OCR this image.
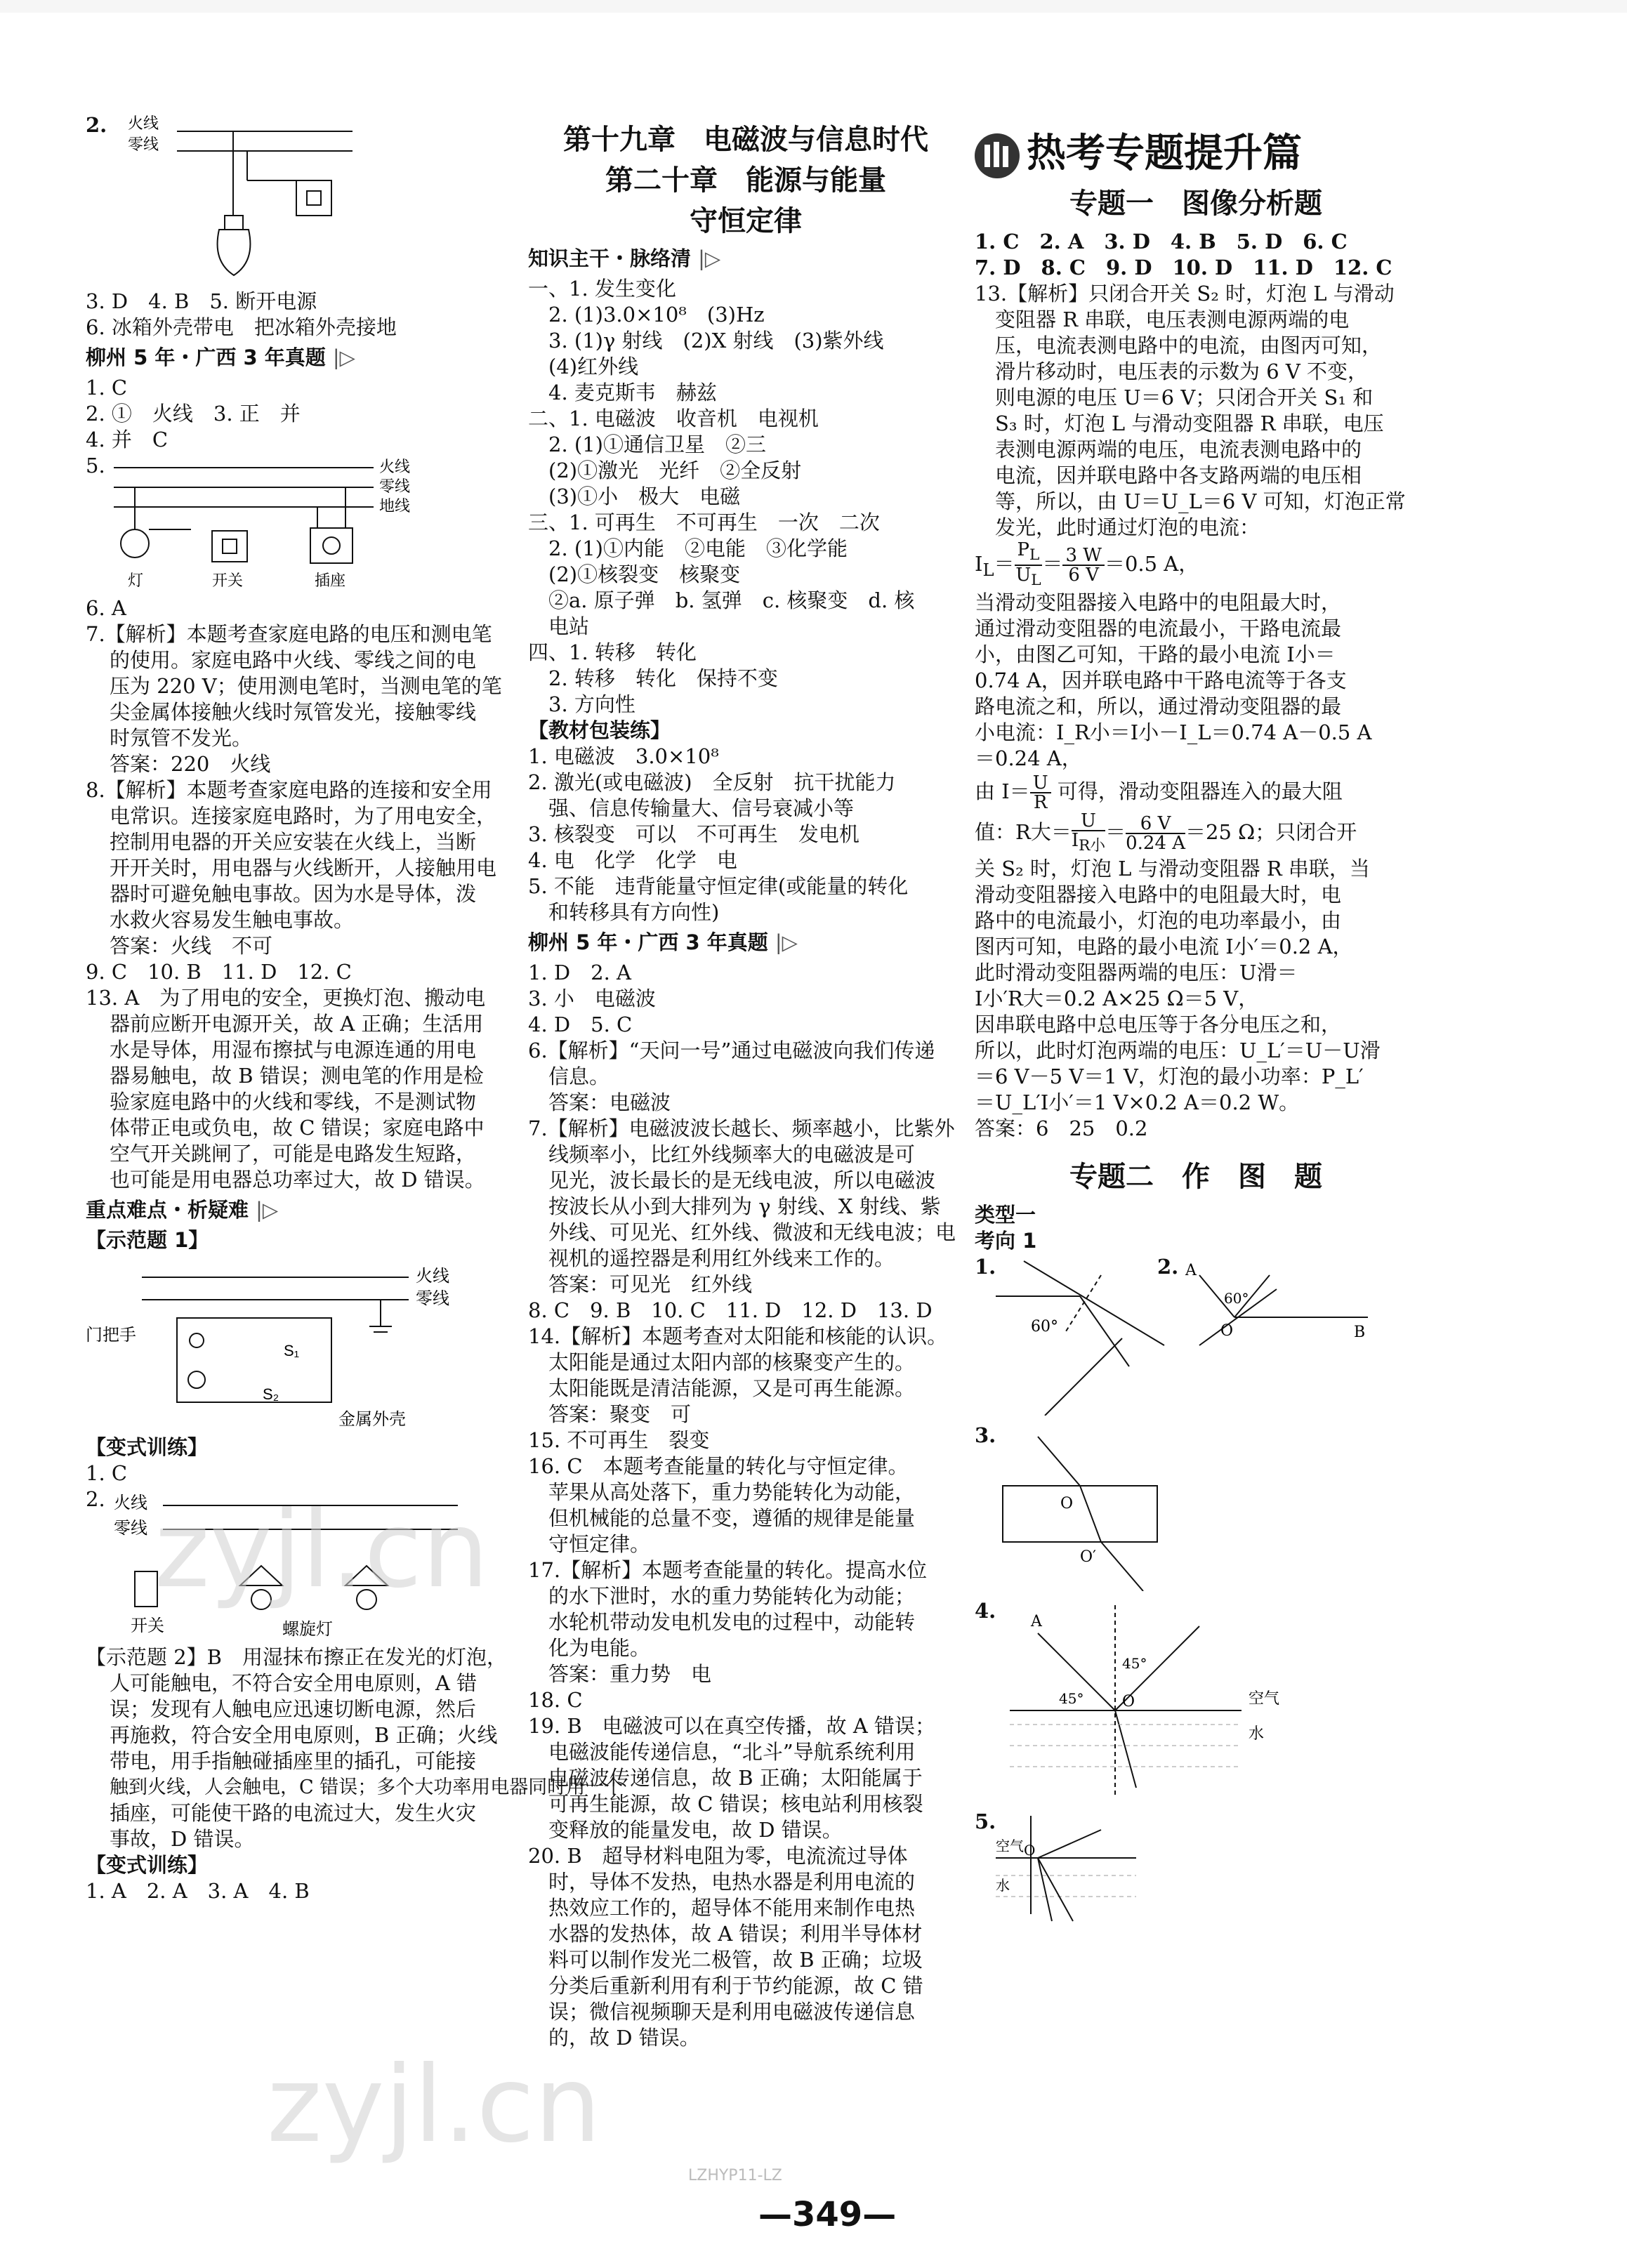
2.	火线
零线
3. D　4. B　5. 断开电源
6. 冰箱外壳带电　把冰箱外壳接地
柳州 5 年・广西 3 年真题 |▷
1. C
2. ①　火线　3. 正　并
4. 并　C
5.	火线
零线
地线
灯	开关	插座
6. A
7.【解析】本题考查家庭电路的电压和测电笔
的使用。家庭电路中火线、零线之间的电
压为 220 V；使用测电笔时，当测电笔的笔
尖金属体接触火线时氖管发光，接触零线
时氖管不发光。
答案：220　火线
8.【解析】本题考查家庭电路的连接和安全用
电常识。连接家庭电路时，为了用电安全，
控制用电器的开关应安装在火线上，当断
开开关时，用电器与火线断开，人接触用电
器时可避免触电事故。因为水是导体，泼
水救火容易发生触电事故。
答案：火线　不可
9. C　10. B　11. D　12. C
13. A　为了用电的安全，更换灯泡、搬动电
器前应断开电源开关，故 A 正确；生活用
水是导体，用湿布擦拭与电源连通的用电
器易触电，故 B 错误；测电笔的作用是检
验家庭电路中的火线和零线，不是测试物
体带正电或负电，故 C 错误；家庭电路中
空气开关跳闸了，可能是电路发生短路，
也可能是用电器总功率过大，故 D 错误。
重点难点・析疑难 |▷
【示范题 1】
火线
零线
门把手
S₁
S₂
金属外壳
【变式训练】
1. C
2. 火线
零线
开关	螺旋灯
【示范题 2】B　用湿抹布擦正在发光的灯泡，
人可能触电，不符合安全用电原则，A 错
误；发现有人触电应迅速切断电源，然后
再施救，符合安全用电原则，B 正确；火线
带电，用手指触碰插座里的插孔，可能接
触到火线，人会触电，C 错误；多个大功率用电器同时用一个
插座，可能使干路的电流过大，发生火灾
事故，D 错误。
【变式训练】
1. A　2. A　3. A　4. B
第十九章　电磁波与信息时代
第二十章　能源与能量
守恒定律
知识主干・脉络清 |▷
一、1. 发生变化
　2. (1)3.0×10⁸　(3)Hz
　3. (1)γ 射线　(2)X 射线　(3)紫外线
　(4)红外线
　4. 麦克斯韦　赫兹
二、1. 电磁波　收音机　电视机
　2. (1)①通信卫星　②三
　(2)①激光　光纤　②全反射
　(3)①小　极大　电磁
三、1. 可再生　不可再生　一次　二次
　2. (1)①内能　②电能　③化学能
　(2)①核裂变　核聚变
　②a. 原子弹　b. 氢弹　c. 核聚变　d. 核
　电站
四、1. 转移　转化
　2. 转移　转化　保持不变
　3. 方向性
【教材包装练】
1. 电磁波　3.0×10⁸
2. 激光(或电磁波)　全反射　抗干扰能力
　强、信息传输量大、信号衰减小等
3. 核裂变　可以　不可再生　发电机
4. 电　化学　化学　电
5. 不能　违背能量守恒定律(或能量的转化
　和转移具有方向性)
柳州 5 年・广西 3 年真题 |▷
1. D　2. A
3. 小　电磁波
4. D　5. C
6.【解析】“天问一号”通过电磁波向我们传递
　信息。
　答案：电磁波
7.【解析】电磁波波长越长、频率越小，比紫外
　线频率小，比红外线频率大的电磁波是可
　见光，波长最长的是无线电波，所以电磁波
　按波长从小到大排列为 γ 射线、X 射线、紫
　外线、可见光、红外线、微波和无线电波；电
　视机的遥控器是利用红外线来工作的。
　答案：可见光　红外线
8. C　9. B　10. C　11. D　12. D　13. D
14.【解析】本题考查对太阳能和核能的认识。
　太阳能是通过太阳内部的核聚变产生的。
　太阳能既是清洁能源，又是可再生能源。
　答案：聚变　可
15. 不可再生　裂变
16. C　本题考查能量的转化与守恒定律。
　苹果从高处落下，重力势能转化为动能，
　但机械能的总量不变，遵循的规律是能量
　守恒定律。
17.【解析】本题考查能量的转化。提高水位
　的水下泄时，水的重力势能转化为动能；
　水轮机带动发电机发电的过程中，动能转
　化为电能。
　答案：重力势　电
18. C
19. B　电磁波可以在真空传播，故 A 错误；
　电磁波能传递信息，“北斗”导航系统利用
　电磁波传递信息，故 B 正确；太阳能属于
　可再生能源，故 C 错误；核电站利用核裂
　变释放的能量发电，故 D 错误。
20. B　超导材料电阻为零，电流流过导体
　时，导体不发热，电热水器是利用电流的
　热效应工作的，超导体不能用来制作电热
　水器的发热体，故 A 错误；利用半导体材
　料可以制作发光二极管，故 B 正确；垃圾
　分类后重新利用有利于节约能源，故 C 错
　误；微信视频聊天是利用电磁波传递信息
　的，故 D 错误。
热考专题提升篇
专题一　图像分析题
1. C　2. A　3. D　4. B　5. D　6. C
7. D　8. C　9. D　10. D　11. D　12. C
13.【解析】只闭合开关 S₂ 时，灯泡 L 与滑动
　变阻器 R 串联，电压表测电源两端的电
　压，电流表测电路中的电流，由图丙可知，
　滑片移动时，电压表的示数为 6 V 不变，
　则电源的电压 U＝6 V；只闭合开关 S₁ 和
　S₃ 时，灯泡 L 与滑动变阻器 R 串联，电压
　表测电源两端的电压，电流表测电路中的
　电流，因并联电路中各支路两端的电压相
　等，所以，由 U＝U_L＝6 V 可知，灯泡正常
　发光，此时通过灯泡的电流：
$I_L= \frac{P_L}{U_L} = \frac{3 W}{6 V} =0.5$ A，
当滑动变阻器接入电路中的电阻最大时，
通过滑动变阻器的电流最小，干路电流最
小，由图乙可知，干路的最小电流 I小＝
0.74 A，因并联电路中干路电流等于各支
路电流之和，所以，通过滑动变阻器的最
小电流：I_R小＝I小－I_L＝0.74 A－0.5 A
＝0.24 A，
由 $I= \frac{U}{R}$ 可得，滑动变阻器连入的最大阻
值：R大＝ $\frac{U}{I_{R小}} = \frac{6 V}{0.24 A} =25$ Ω；只闭合开
关 S₂ 时，灯泡 L 与滑动变阻器 R 串联，当
滑动变阻器接入电路中的电阻最大时，电
路中的电流最小，灯泡的电功率最小，由
图丙可知，电路的最小电流 I小′＝0.2 A，
此时滑动变阻器两端的电压：U滑＝
I小′R大＝0.2 A×25 Ω＝5 V，
因串联电路中总电压等于各分电压之和，
所以，此时灯泡两端的电压：U_L′＝U－U滑
＝6 V－5 V＝1 V，灯泡的最小功率：P_L′
＝U_L′I小′＝1 V×0.2 A＝0.2 W。
答案：6　25　0.2
专题二　作　图　题
类型一
考向 1
1.
60°
2. A
60°
O	B
3.
O
O′
4. A
45°
45° O	空气
水
5.
空气 O
水
zyjl.cn
zyjl.cn
LZHYP11-LZ
—349—
